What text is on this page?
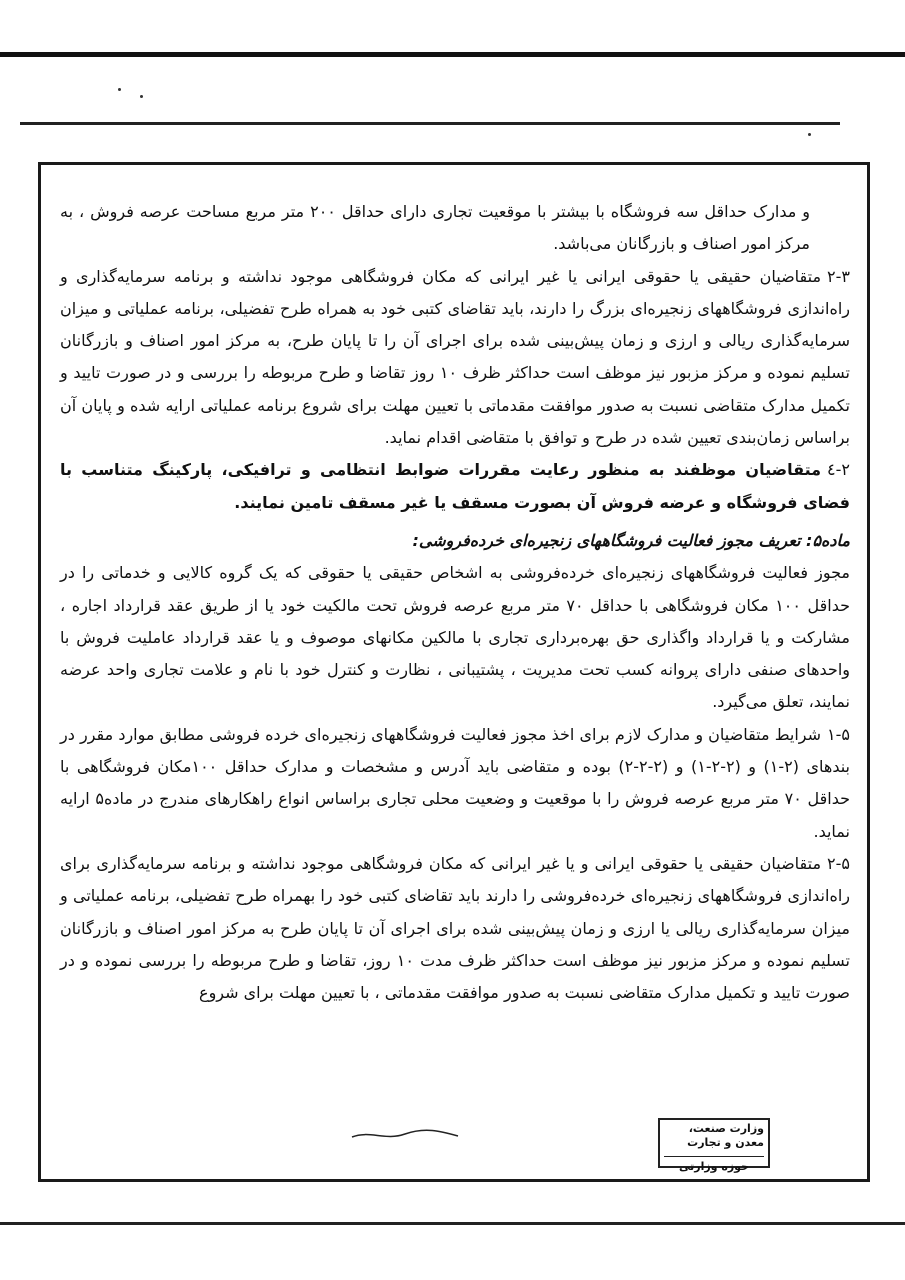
و مدارک حداقل سه فروشگاه با بیشتر با موقعیت تجاری دارای حداقل ۲۰۰ متر مربع مساحت عرصه فروش ، به مرکز امور اصناف و بازرگانان می‌باشد.

۲-۳متقاضیان حقیقی یا حقوقی ایرانی یا غیر ایرانی که مکان فروشگاهی موجود نداشته و برنامه سرمایه‌گذاری و راه‌اندازی فروشگاههای زنجیره‌ای بزرگ را دارند، باید تقاضای کتبی خود به همراه طرح تفضیلی، برنامه عملیاتی و میزان سرمایه‌گذاری ریالی و ارزی و زمان پیش‌بینی شده برای اجرای آن را تا پایان طرح، به مرکز امور اصناف و بازرگانان تسلیم نموده و مرکز مزبور نیز موظف است حداکثر ظرف ۱۰ روز تقاضا و طرح مربوطه را بررسی و در صورت تایید و تکمیل مدارک متقاضی نسبت به صدور موافقت مقدماتی با تعیین مهلت برای شروع برنامه عملیاتی ارایه شده و پایان آن براساس زمان‌بندی تعیین شده در طرح و توافق با متقاضی اقدام نماید.

۲-٤متقاضیان موظفند به منظور رعایت مقررات ضوابط انتظامی و ترافیکی، پارکینگ متناسب با فضای فروشگاه و عرضه فروش آن بصورت مسقف یا غیر مسقف تامین نمایند.

ماده۵: تعریف مجوز فعالیت فروشگاههای زنجیره‌ای خرده‌فروشی:

مجوز فعالیت فروشگاههای زنجیره‌ای خرده‌فروشی به اشخاص حقیقی یا حقوقی که یک گروه کالایی و خدماتی را در حداقل ۱۰۰ مکان فروشگاهی با حداقل ۷۰ متر مربع عرصه فروش تحت مالکیت خود یا از طریق عقد قرارداد اجاره ، مشارکت و یا قرارداد واگذاری حق بهره‌برداری تجاری با مالکین مکانهای موصوف و یا عقد قرارداد عاملیت فروش با واحدهای صنفی دارای پروانه کسب تحت مدیریت ، پشتیبانی ، نظارت و کنترل خود با نام و علامت تجاری واحد عرضه نمایند، تعلق می‌گیرد.

۱-۵شرایط متقاضیان و مدارک لازم برای اخذ مجوز فعالیت فروشگاههای زنجیره‌ای خرده فروشی مطابق موارد مقرر در بندهای (۲-۱) و (۲-۲-۱) و (۲-۲-۲) بوده و متقاضی باید آدرس و مشخصات و مدارک حداقل ۱۰۰مکان فروشگاهی با حداقل ۷۰ متر مربع عرصه فروش را با موقعیت و وضعیت محلی تجاری براساس انواع راهکارهای مندرج در ماده۵ ارایه نماید.

۲-۵متقاضیان حقیقی یا حقوقی ایرانی و یا غیر ایرانی که مکان فروشگاهی موجود نداشته و برنامه سرمایه‌گذاری برای راه‌اندازی فروشگاههای زنجیره‌ای خرده‌فروشی را دارند باید تقاضای کتبی خود را بهمراه طرح تفضیلی، برنامه عملیاتی و میزان سرمایه‌گذاری ریالی یا ارزی و زمان پیش‌بینی شده برای اجرای آن تا پایان طرح به مرکز امور اصناف و بازرگانان تسلیم نموده و مرکز مزبور نیز موظف است حداکثر ظرف مدت ۱۰ روز، تقاضا و طرح مربوطه را بررسی نموده و در صورت تایید و تکمیل مدارک متقاضی نسبت به صدور موافقت مقدماتی ، با تعیین مهلت برای شروع

وزارت صنعت، معدن و تجارت
حوزه وزارتی
